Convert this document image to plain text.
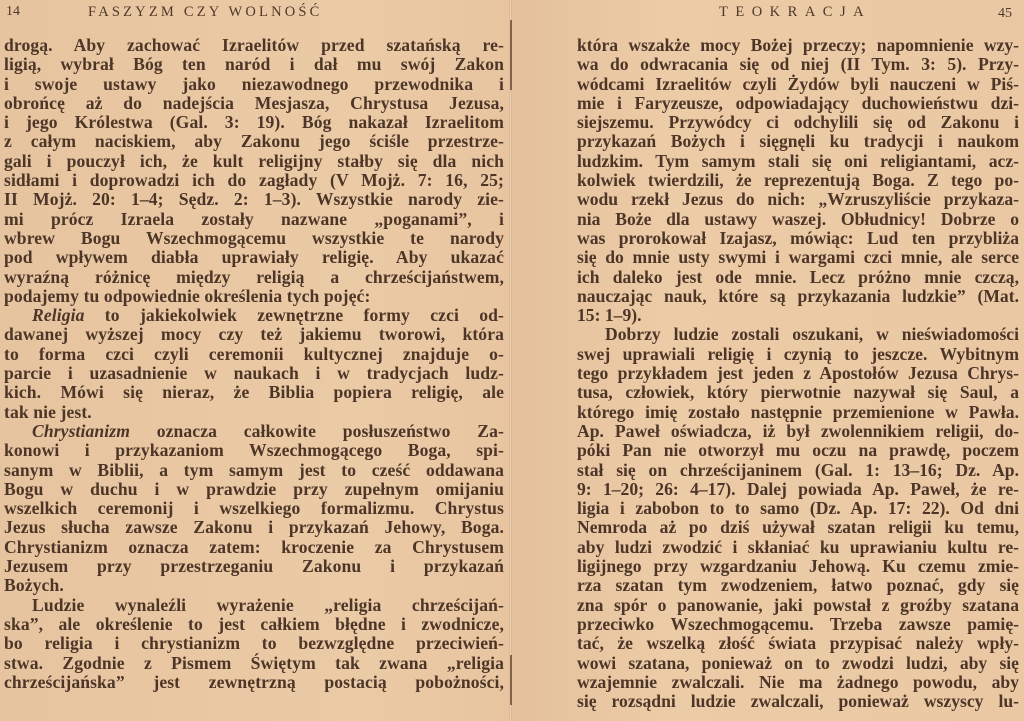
14	FASZYZM CZY WOLNOŚĆ
drogą. Aby zachować Izraelitów przed szatańską re-
ligią, wybrał Bóg ten naród i dał mu swój Zakon
i swoje ustawy jako niezawodnego przewodnika i
obrońcę aż do nadejścia Mesjasza, Chrystusa Jezusa,
i jego Królestwa (Gal. 3: 19). Bóg nakazał Izraelitom
z całym naciskiem, aby Zakonu jego ściśle przestrze-
gali i pouczył ich, że kult religijny stałby się dla nich
sidłami i doprowadzi ich do zagłady (V Mojż. 7: 16, 25;
II Mojż. 20: 1–4; Sędz. 2: 1–3). Wszystkie narody zie-
mi prócz Izraela zostały nazwane „poganami”, i
wbrew Bogu Wszechmogącemu wszystkie te narody
pod wpływem diabła uprawiały religię. Aby ukazać
wyraźną różnicę między religią a chrześcijaństwem,
podajemy tu odpowiednie określenia tych pojęć:
Religia to jakiekolwiek zewnętrzne formy czci od-
dawanej wyższej mocy czy też jakiemu tworowi, która
to forma czci czyli ceremonii kultycznej znajduje o-
parcie i uzasadnienie w naukach i w tradycjach ludz-
kich. Mówi się nieraz, że Biblia popiera religię, ale
tak nie jest.
Chrystianizm oznacza całkowite posłuszeństwo Za-
konowi i przykazaniom Wszechmogącego Boga, spi-
sanym w Biblii, a tym samym jest to cześć oddawana
Bogu w duchu i w prawdzie przy zupełnym omijaniu
wszelkich ceremonij i wszelkiego formalizmu. Chrystus
Jezus słucha zawsze Zakonu i przykazań Jehowy, Boga.
Chrystianizm oznacza zatem: kroczenie za Chrystusem
Jezusem przy przestrzeganiu Zakonu i przykazań
Bożych.
Ludzie wynaleźli wyrażenie „religia chrześcijań-
ska”, ale określenie to jest całkiem błędne i zwodnicze,
bo religia i chrystianizm to bezwzględne przeciwień-
stwa. Zgodnie z Pismem Świętym tak zwana „religia
chrześcijańska” jest zewnętrzną postacią pobożności,
TEOKRACJA	45
która wszakże mocy Bożej przeczy; napomnienie wzy-
wa do odwracania się od niej (II Tym. 3: 5). Przy-
wódcami Izraelitów czyli Żydów byli nauczeni w Piś-
mie i Faryzeusze, odpowiadający duchowieństwu dzi-
siejszemu. Przywódcy ci odchylili się od Zakonu i
przykazań Bożych i sięgnęli ku tradycji i naukom
ludzkim. Tym samym stali się oni religiantami, acz-
kolwiek twierdzili, że reprezentują Boga. Z tego po-
wodu rzekł Jezus do nich: „Wzruszyliście przykaza-
nia Boże dla ustawy waszej. Obłudnicy! Dobrze o
was prorokował Izajasz, mówiąc: Lud ten przybliża
się do mnie usty swymi i wargami czci mnie, ale serce
ich daleko jest ode mnie. Lecz próżno mnie czczą,
nauczając nauk, które są przykazania ludzkie” (Mat.
15: 1–9).
Dobrzy ludzie zostali oszukani, w nieświadomości
swej uprawiali religię i czynią to jeszcze. Wybitnym
tego przykładem jest jeden z Apostołów Jezusa Chrys-
tusa, człowiek, który pierwotnie nazywał się Saul, a
którego imię zostało następnie przemienione w Pawła.
Ap. Paweł oświadcza, iż był zwolennikiem religii, do-
póki Pan nie otworzył mu oczu na prawdę, poczem
stał się on chrześcijaninem (Gal. 1: 13–16; Dz. Ap.
9: 1–20; 26: 4–17). Dalej powiada Ap. Paweł, że re-
ligia i zabobon to to samo (Dz. Ap. 17: 22). Od dni
Nemroda aż po dziś używał szatan religii ku temu,
aby ludzi zwodzić i skłaniać ku uprawianiu kultu re-
ligijnego przy wzgardzaniu Jehową. Ku czemu zmie-
rza szatan tym zwodzeniem, łatwo poznać, gdy się
zna spór o panowanie, jaki powstał z groźby szatana
przeciwko Wszechmogącemu. Trzeba zawsze pamię-
tać, że wszelką złość świata przypisać należy wpły-
wowi szatana, ponieważ on to zwodzi ludzi, aby się
wzajemnie zwalczali. Nie ma żadnego powodu, aby
się rozsądni ludzie zwalczali, ponieważ wszyscy lu-
